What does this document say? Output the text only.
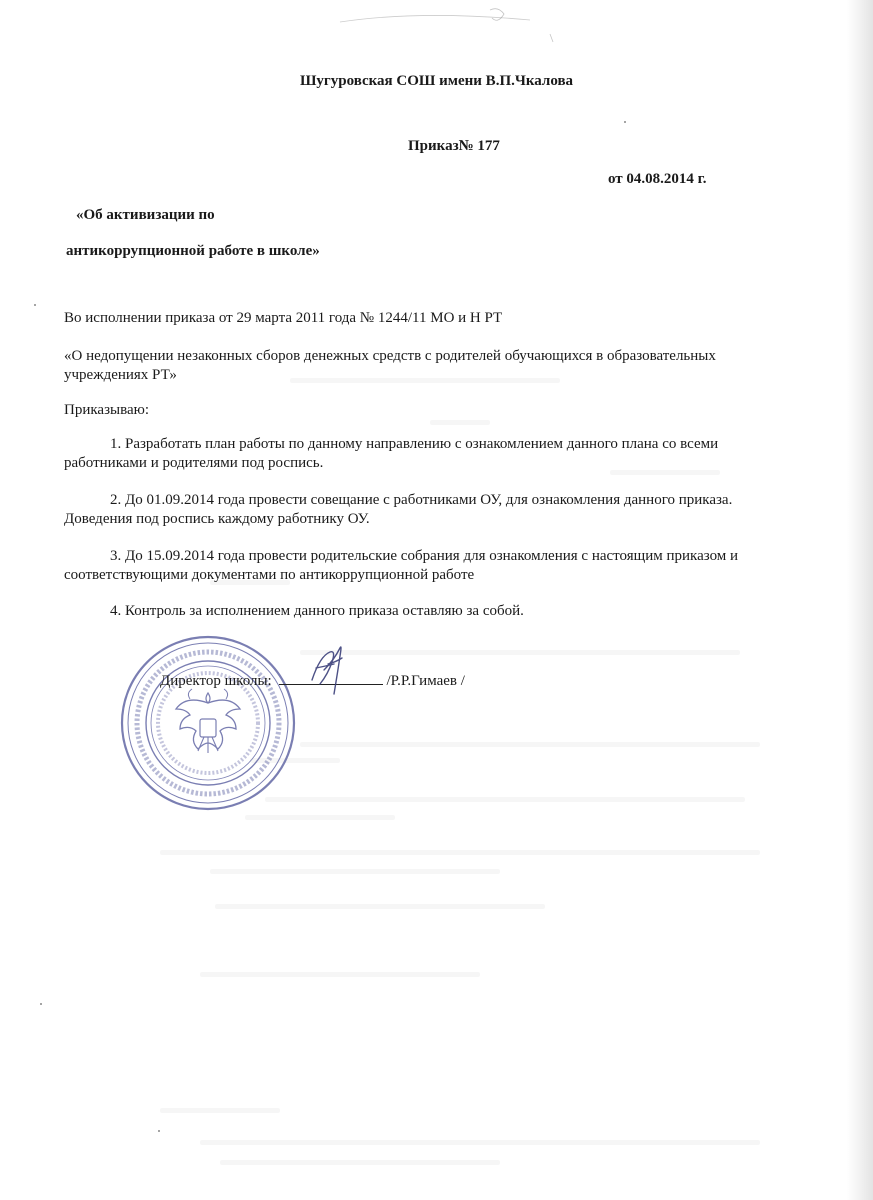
Шугуровская СОШ имени В.П.Чкалова

Приказ№ 177

от 04.08.2014 г.

«Об активизации по

антикоррупционной работе в школе»

Во исполнении приказа от 29 марта 2011 года № 1244/11 МО и Н РТ

«О недопущении незаконных сборов денежных средств с родителей обучающихся в образовательных учреждениях РТ»

Приказываю:

1. Разработать план работы по данному направлению с ознакомлением данного плана со всеми работниками и родителями под роспись.

2. До 01.09.2014 года провести совещание с работниками ОУ, для ознакомления данного приказа. Доведения под роспись каждому работнику ОУ.

3. До 15.09.2014 года провести родительские собрания для ознакомления с настоящим приказом и соответствующими документами по антикоррупционной работе

4. Контроль за исполнением данного приказа оставляю за собой.

Директор школы:	/Р.Р.Гимаев /
